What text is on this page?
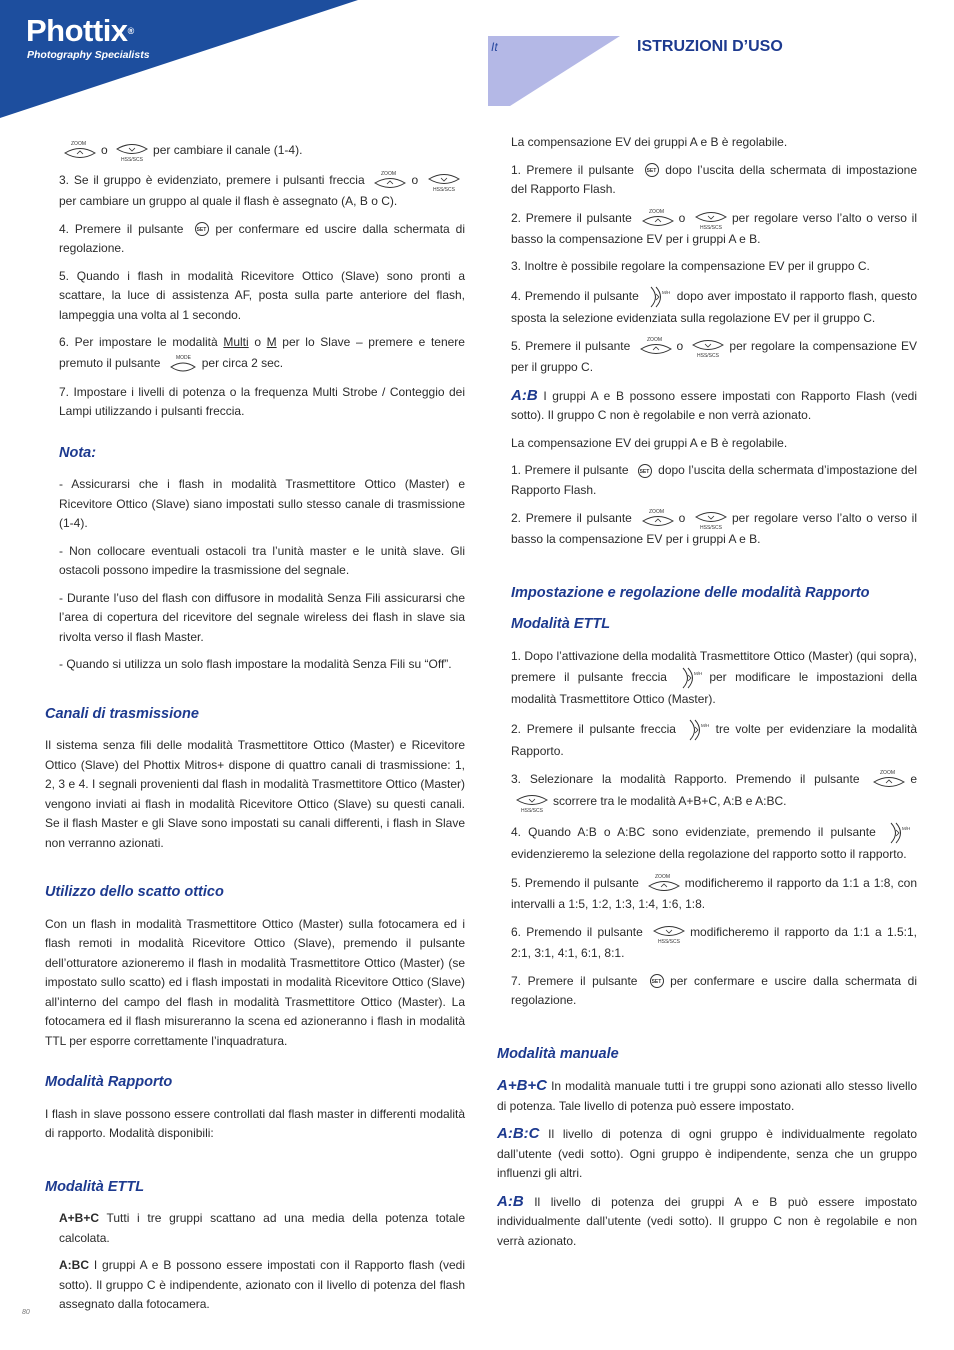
Phottix®
Photography Specialists
It	ISTRUZIONI D’USO

ZOOM o
HSS/SCS
per cambiare il canale (1-4).

3. Se il gruppo è evidenziato, premere i pulsanti freccia	ZOOM o
HSS/SCS
per cambiare un gruppo al quale il flash è assegnato (A, B o C).

4. Premere il pulsante	SET per confermare ed uscire dalla schermata di regolazione.

5. Quando i flash in modalità Ricevitore Ottico (Slave) sono pronti a scattare, la luce di assistenza AF, posta sulla parte anteriore del flash, lampeggia una volta al 1 secondo.

6. Per impostare le modalità Multi o M per lo Slave – premere e tenere premuto il pulsante	MODE per circa 2 sec.

7. Impostare i livelli di potenza o la frequenza Multi Strobe / Conteggio dei Lampi utilizzando i pulsanti freccia.

Nota:

- Assicurarsi che i flash in modalità Trasmettitore Ottico (Master) e Ricevitore Ottico (Slave) siano impostati sullo stesso canale di trasmissione (1-4).

- Non collocare eventuali ostacoli tra l’unità master e le unità slave. Gli ostacoli possono impedire la trasmissione del segnale.

- Durante l’uso del flash con diffusore in modalità Senza Fili assicurarsi che l’area di copertura del ricevitore del segnale wireless dei flash in slave sia rivolta verso il flash Master.

- Quando si utilizza un solo flash impostare la modalità Senza Fili su “Off”.

Canali di trasmissione

Il sistema senza fili delle modalità Trasmettitore Ottico (Master) e Ricevitore Ottico (Slave) del Phottix Mitros+ dispone di quattro canali di trasmissione: 1, 2, 3 e 4. I segnali provenienti dal flash in modalità Trasmettitore Ottico (Master) vengono inviati ai flash in modalità Ricevitore Ottico (Slave) su questi canali. Se il flash Master e gli Slave sono impostati su canali differenti, i flash in Slave non verranno azionati.

Utilizzo dello scatto ottico

Con un flash in modalità Trasmettitore Ottico (Master) sulla fotocamera ed i flash remoti in modalità Ricevitore Ottico (Slave), premendo il pulsante dell’otturatore azioneremo il flash in modalità Trasmettitore Ottico (Master) (se impostato sullo scatto) ed i flash impostati in modalità Ricevitore Ottico (Slave) all’interno del campo del flash in modalità Trasmettitore Ottico (Master). La fotocamera ed il flash misureranno la scena ed azioneranno i flash in modalità TTL per esporre correttamente l’inquadratura.

Modalità Rapporto

I flash in slave possono essere controllati dal flash master in differenti modalità di rapporto. Modalità disponibili:

Modalità ETTL

A+B+C Tutti i tre gruppi scattano ad una media della potenza totale calcolata.

A:BC I gruppi A e B possono essere impostati con il Rapporto flash (vedi sotto). Il gruppo C è indipendente, azionato con il livello di potenza del flash assegnato dalla fotocamera.

La compensazione EV dei gruppi A e B è regolabile.

1. Premere il pulsante	SET dopo l’uscita della schermata di impostazione del Rapporto Flash.

2. Premere il pulsante	ZOOM o
HSS/SCS
per regolare verso l’alto o verso il basso la compensazione EV per i gruppi A e B.

3. Inoltre è possibile regolare la compensazione EV per il gruppo C.

4. Premendo il pulsante	M/H dopo aver impostato il rapporto flash, questo sposta la selezione evidenziata sulla regolazione EV per il gruppo C.

5. Premere il pulsante	ZOOM o
HSS/SCS
per regolare la compensazione EV per il gruppo C.

A:B I gruppi A e B possono essere impostati con Rapporto Flash (vedi sotto). Il gruppo C non è regolabile e non verrà azionato.

La compensazione EV dei gruppi A e B è regolabile.

1. Premere il pulsante SET dopo l’uscita della schermata d’impostazione del Rapporto Flash.

2. Premere il pulsante	ZOOM o
HSS/SCS
per regolare verso l’alto o verso il basso la compensazione EV per i gruppi A e B.

Impostazione e regolazione delle modalità Rapporto
Modalità ETTL

1. Dopo l’attivazione della modalità Trasmettitore Ottico (Master) (qui sopra), premere il pulsante freccia	M/H per modificare le impostazioni della modalità Trasmettitore Ottico (Master).

2. Premere il pulsante freccia	M/H tre volte per evidenziare la modalità Rapporto.

3. Selezionare la modalità Rapporto. Premendo il pulsante	ZOOM e
HSS/SCS
scorrere tra le modalità A+B+C, A:B e A:BC.

4. Quando A:B o A:BC sono evidenziate, premendo il pulsante	M/H
evidenzieremo la selezione della regolazione del rapporto sotto il rapporto.

5. Premendo il pulsante	ZOOM modificheremo il rapporto da 1:1 a 1:8, con intervalli a 1:5, 1:2, 1:3, 1:4, 1:6, 1:8.

6. Premendo il pulsante
HSS/SCS
modificheremo il rapporto da 1:1 a 1.5:1, 2:1, 3:1, 4:1, 6:1, 8:1.

7. Premere il pulsante	SET per confermare e uscire dalla schermata di regolazione.

Modalità manuale

A+B+C In modalità manuale tutti i tre gruppi sono azionati allo stesso livello di potenza. Tale livello di potenza può essere impostato.

A:B:C Il livello di potenza di ogni gruppo è individualmente regolato dall’utente (vedi sotto). Ogni gruppo è indipendente, senza che un gruppo influenzi gli altri.

A:B Il livello di potenza dei gruppi A e B può essere impostato individualmente dall’utente (vedi sotto). Il gruppo C non è regolabile e non verrà azionato.

80
